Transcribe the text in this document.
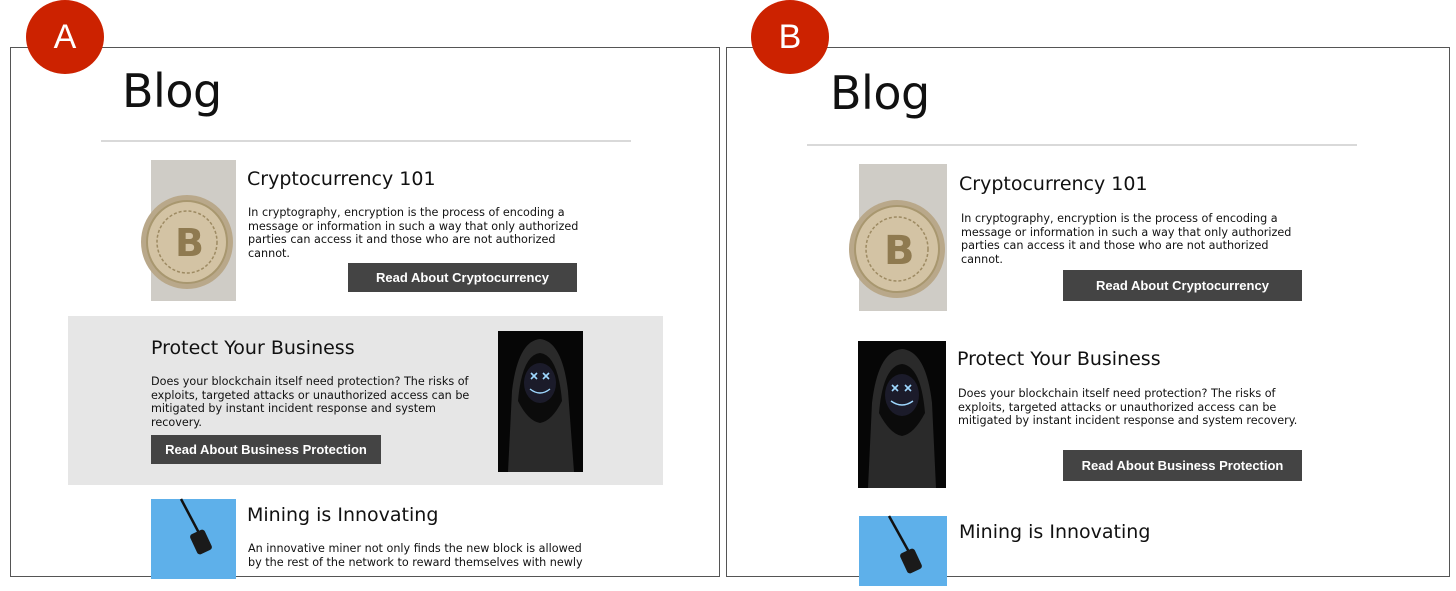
A	B
Blog
B
Cryptocurrency 101
In cryptography, encryption is the process of encoding a message or information in such a way that only authorized parties can access it and those who are not authorized cannot.
Read About Cryptocurrency
Protect Your Business
Does your blockchain itself need protection? The risks of exploits, targeted attacks or unauthorized access can be mitigated by instant incident response and system recovery.
Read About Business Protection
Mining is Innovating
An innovative miner not only finds the new block is allowed by the rest of the network to reward themselves with newly
Blog
B
Cryptocurrency 101
In cryptography, encryption is the process of encoding a message or information in such a way that only authorized parties can access it and those who are not authorized cannot.
Read About Cryptocurrency
Protect Your Business
Does your blockchain itself need protection? The risks of exploits, targeted attacks or unauthorized access can be mitigated by instant incident response and system recovery.
Read About Business Protection
Mining is Innovating
